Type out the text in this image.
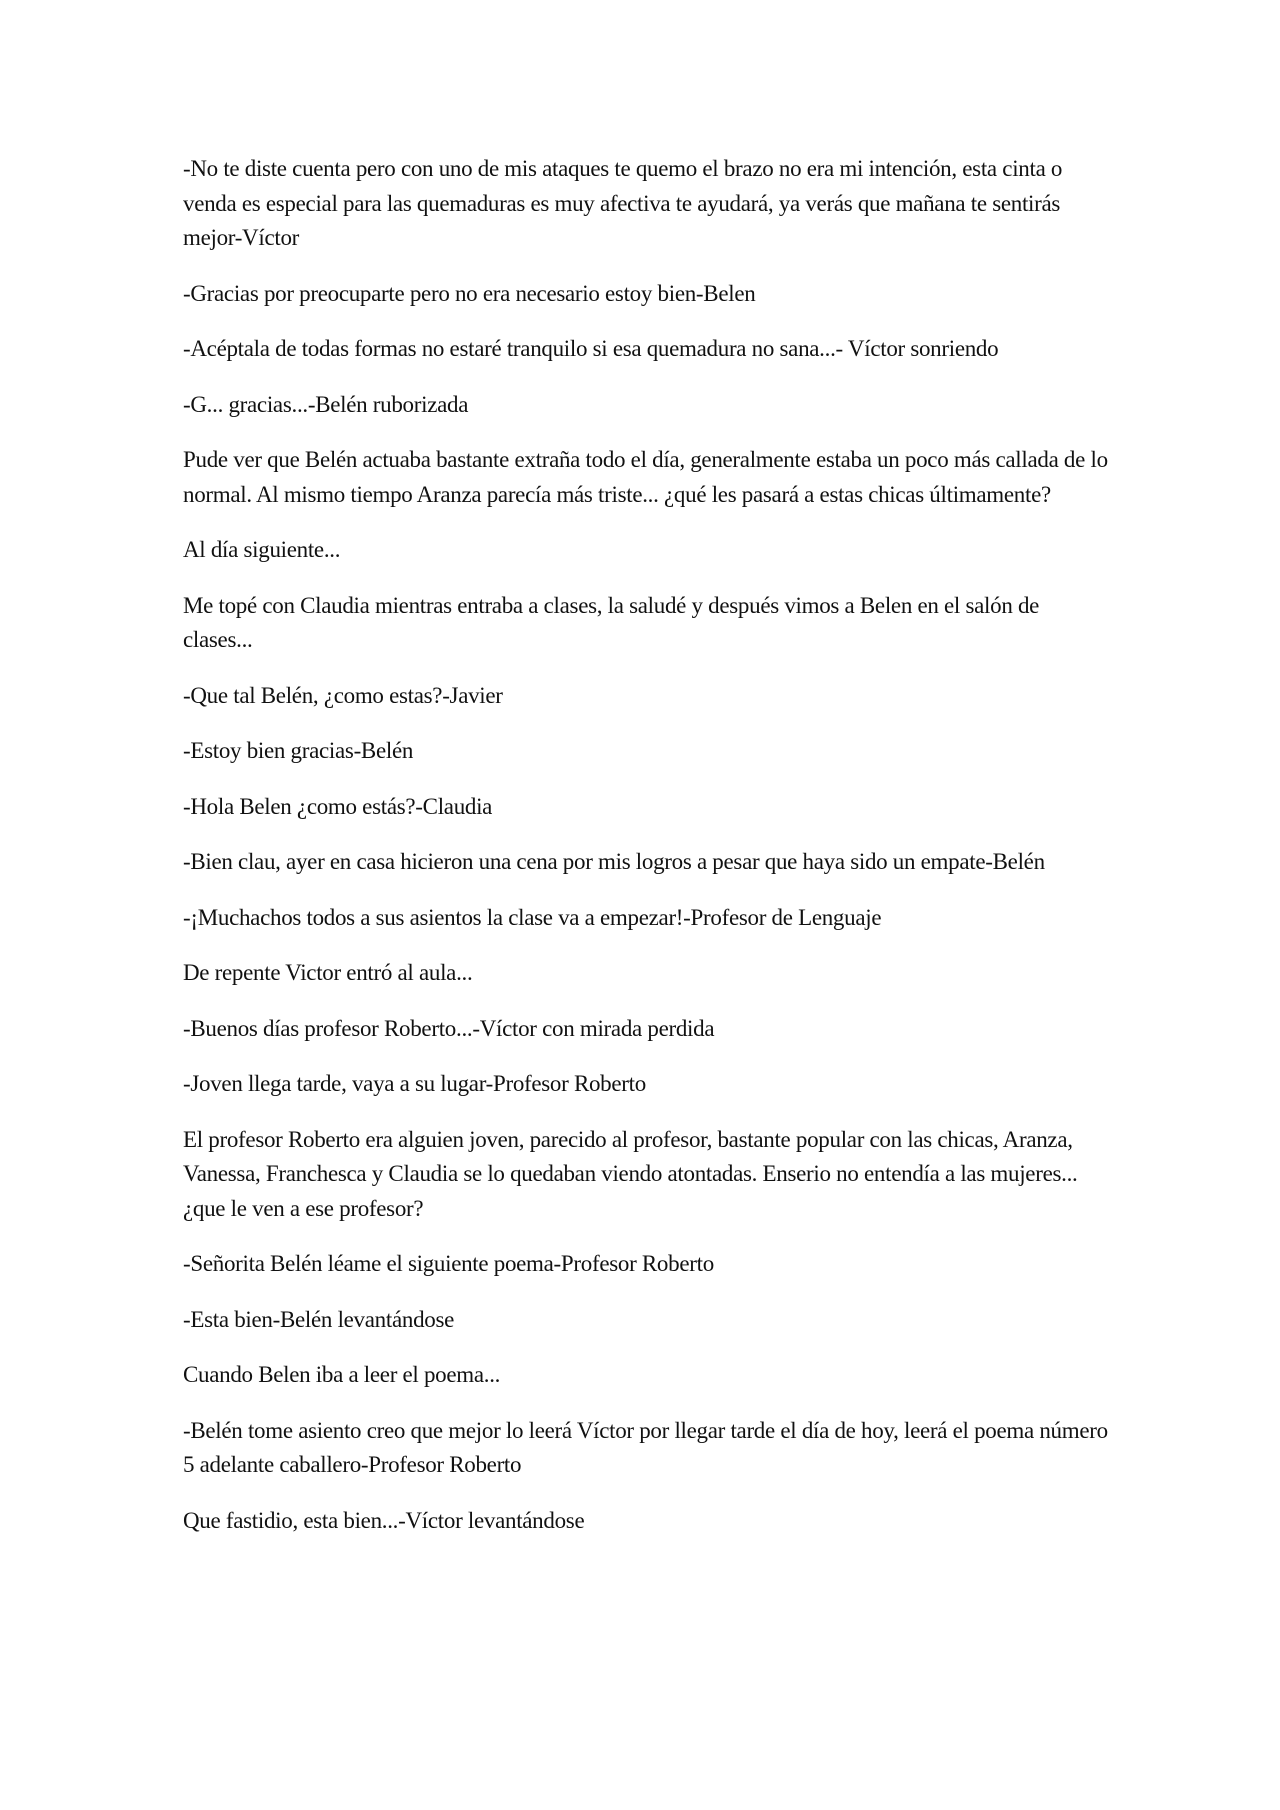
-No te diste cuenta pero con uno de mis ataques te quemo el brazo no era mi intención, esta cinta o venda es especial para las quemaduras es muy afectiva te ayudará, ya verás que mañana te sentirás mejor-Víctor

-Gracias por preocuparte pero no era necesario estoy bien-Belen

-Acéptala de todas formas no estaré tranquilo si esa quemadura no sana...- Víctor sonriendo

-G... gracias...-Belén ruborizada

Pude ver que Belén actuaba bastante extraña todo el día, generalmente estaba un poco más callada de lo normal. Al mismo tiempo Aranza parecía más triste... ¿qué les pasará a estas chicas últimamente?

Al día siguiente...

Me topé con Claudia mientras entraba a clases, la saludé y después vimos a Belen en el salón de clases...

-Que tal Belén, ¿como estas?-Javier

-Estoy bien gracias-Belén

-Hola Belen ¿como estás?-Claudia

-Bien clau, ayer en casa hicieron una cena por mis logros a pesar que haya sido un empate-Belén

-¡Muchachos todos a sus asientos la clase va a empezar!-Profesor de Lenguaje

De repente Victor entró al aula...

-Buenos días profesor Roberto...-Víctor con mirada perdida

-Joven llega tarde, vaya a su lugar-Profesor Roberto

El profesor Roberto era alguien joven, parecido al profesor, bastante popular con las chicas, Aranza, Vanessa, Franchesca y Claudia se lo quedaban viendo atontadas. Enserio no entendía a las mujeres... ¿que le ven a ese profesor?

-Señorita Belén léame el siguiente poema-Profesor Roberto

-Esta bien-Belén levantándose

Cuando Belen iba a leer el poema...

-Belén tome asiento creo que mejor lo leerá Víctor por llegar tarde el día de hoy, leerá el poema número 5 adelante caballero-Profesor Roberto

Que fastidio, esta bien...-Víctor levantándose
